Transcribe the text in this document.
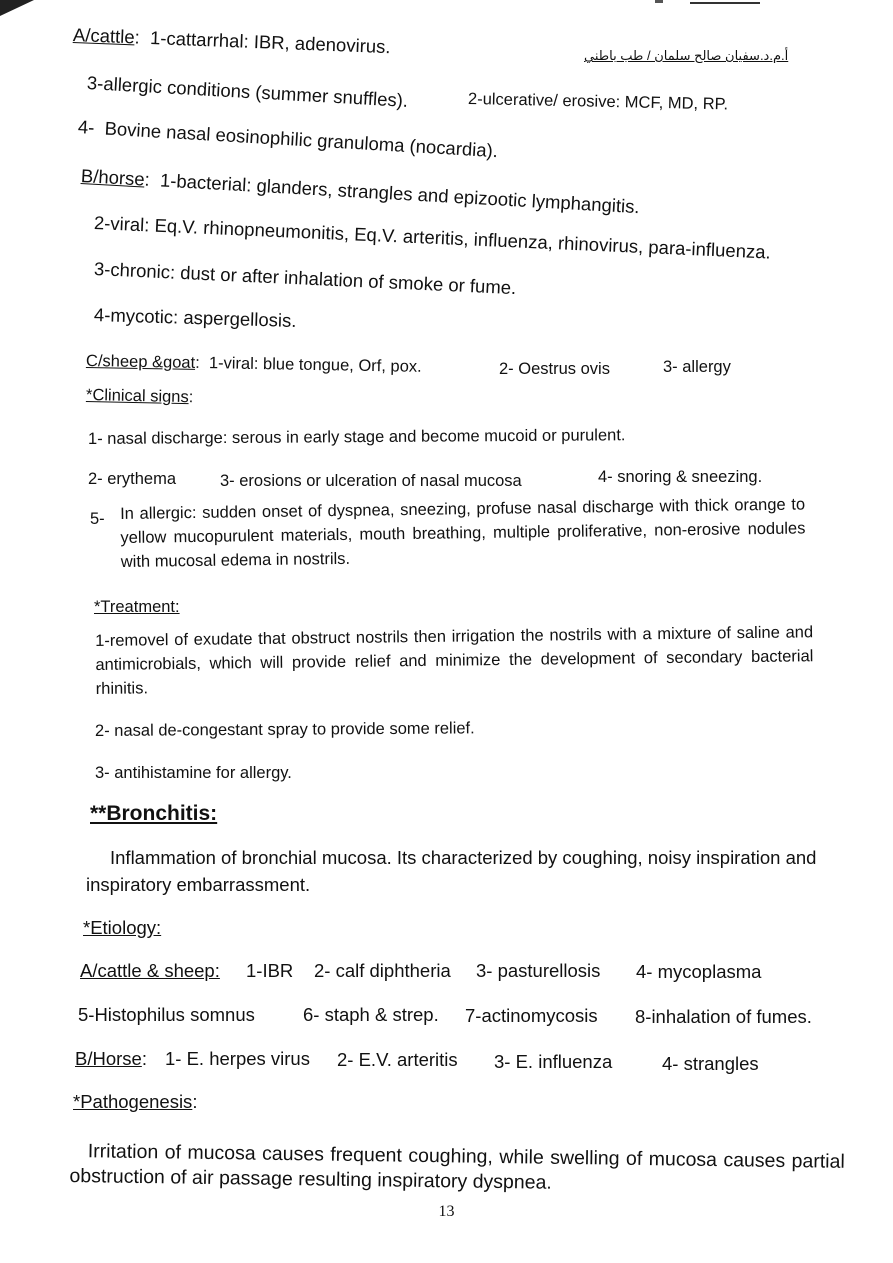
أ.م.د.سفيان صالح سلمان / طب باطني
A/cattle: 1-cattarrhal: IBR, adenovirus.
3-allergic conditions (summer snuffles).	2-ulcerative/ erosive: MCF, MD, RP.
4- Bovine nasal eosinophilic granuloma (nocardia).
B/horse: 1-bacterial: glanders, strangles and epizootic lymphangitis.
2-viral: Eq.V. rhinopneumonitis, Eq.V. arteritis, influenza, rhinovirus, para-influenza.
3-chronic: dust or after inhalation of smoke or fume.
4-mycotic: aspergellosis.
C/sheep &goat: 1-viral: blue tongue, Orf, pox.	2- Oestrus ovis	3- allergy
*Clinical signs:
1- nasal discharge: serous in early stage and become mucoid or purulent.
2- erythema	3- erosions or ulceration of nasal mucosa	4- snoring & sneezing.
5- In allergic: sudden onset of dyspnea, sneezing, profuse nasal discharge with thick orange to yellow mucopurulent materials, mouth breathing, multiple proliferative, non-erosive nodules with mucosal edema in nostrils.
*Treatment:
1-removel of exudate that obstruct nostrils then irrigation the nostrils with a mixture of saline and antimicrobials, which will provide relief and minimize the development of secondary bacterial rhinitis.
2- nasal de-congestant spray to provide some relief.
3- antihistamine for allergy.
**Bronchitis:
Inflammation of bronchial mucosa. Its characterized by coughing, noisy inspiration and inspiratory embarrassment.
*Etiology:
A/cattle & sheep: 1-IBR 2- calf diphtheria 3- pasturellosis 4- mycoplasma
5-Histophilus somnus	6- staph & strep. 7-actinomycosis 8-inhalation of fumes.
B/Horse: 1- E. herpes virus 2- E.V. arteritis 3- E. influenza	4- strangles
*Pathogenesis:
Irritation of mucosa causes frequent coughing, while swelling of mucosa causes partial obstruction of air passage resulting inspiratory dyspnea.
13
